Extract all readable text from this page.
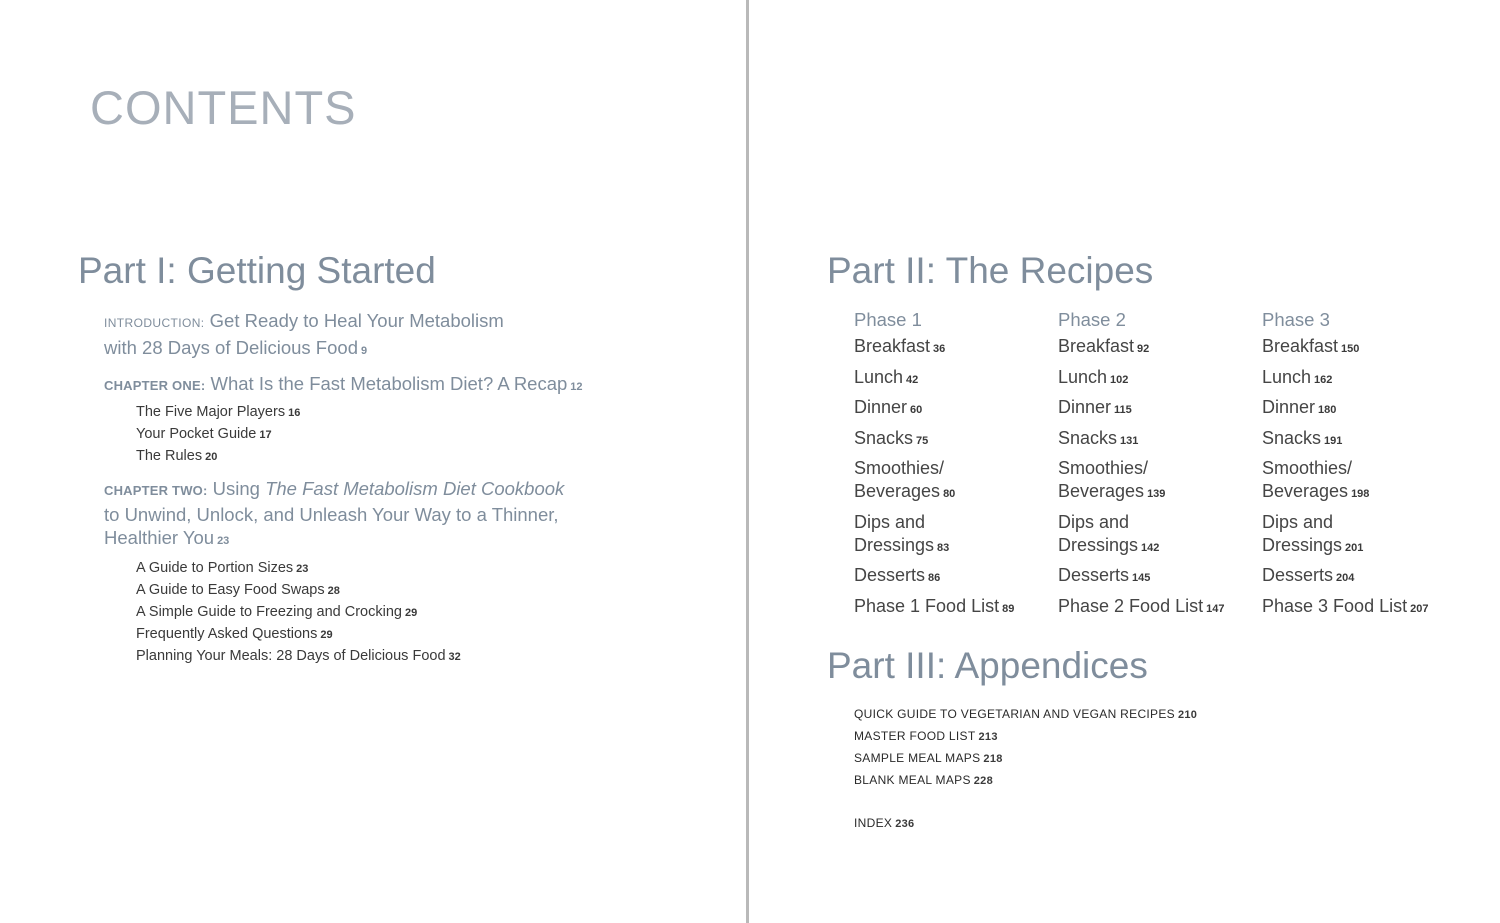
CONTENTS
Part I: Getting Started
INTRODUCTION: Get Ready to Heal Your Metabolism
with 28 Days of Delicious Food 9
CHAPTER ONE: What Is the Fast Metabolism Diet? A Recap 12
The Five Major Players 16
Your Pocket Guide 17
The Rules 20
CHAPTER TWO: Using The Fast Metabolism Diet Cookbook
to Unwind, Unlock, and Unleash Your Way to a Thinner,
Healthier You 23
A Guide to Portion Sizes 23
A Guide to Easy Food Swaps 28
A Simple Guide to Freezing and Crocking 29
Frequently Asked Questions 29
Planning Your Meals: 28 Days of Delicious Food 32
Part II: The Recipes
Phase 1
Breakfast 36
Lunch 42
Dinner 60
Snacks 75
Smoothies/
Beverages 80
Dips and
Dressings 83
Desserts 86
Phase 1 Food List 89
Phase 2
Breakfast 92
Lunch 102
Dinner 115
Snacks 131
Smoothies/
Beverages 139
Dips and
Dressings 142
Desserts 145
Phase 2 Food List 147
Phase 3
Breakfast 150
Lunch 162
Dinner 180
Snacks 191
Smoothies/
Beverages 198
Dips and
Dressings 201
Desserts 204
Phase 3 Food List 207
Part III: Appendices
QUICK GUIDE TO VEGETARIAN AND VEGAN RECIPES 210
MASTER FOOD LIST 213
SAMPLE MEAL MAPS 218
BLANK MEAL MAPS 228
INDEX 236
